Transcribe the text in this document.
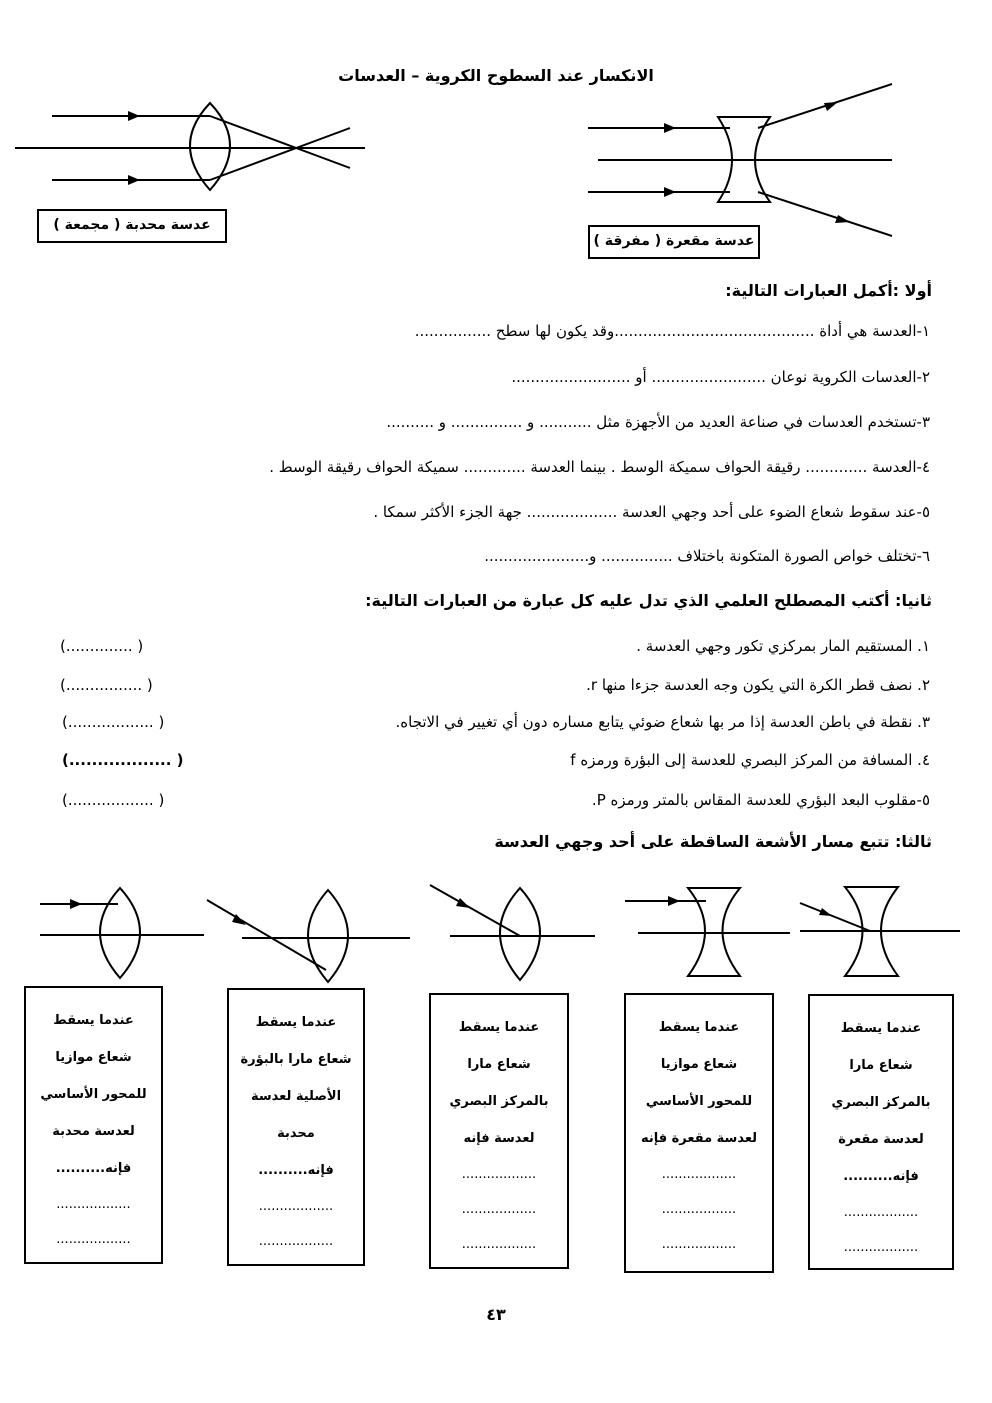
الانكسار عند السطوح الكروية – العدسات
عدسة محدبة ( مجمعة )
عدسة مقعرة ( مفرقة )
أولا :أكمل العبارات التالية:
١-العدسة هي أداة ..........................................وقد يكون لها سطح ................
٢-العدسات الكروية نوعان ........................ أو .........................
٣-تستخدم العدسات في صناعة العديد من الأجهزة مثل ........... و ............... و ..........
٤-العدسة ............. رقيقة الحواف سميكة الوسط . بينما العدسة ............. سميكة الحواف رقيقة الوسط .
٥-عند سقوط شعاع الضوء على أحد وجهي العدسة ................... جهة الجزء الأكثر سمكا .
٦-تختلف خواص الصورة المتكونة باختلاف ............... و......................
ثانيا: أكتب المصطلح العلمي الذي تدل عليه كل عبارة من العبارات التالية:
١. المستقيم المار بمركزي تكور وجهي العدسة .
(.............. )
٢. نصف قطر الكرة التي يكون وجه العدسة جزءا منها r.
(................ )
٣. نقطة في باطن العدسة إذا مر بها شعاع ضوئي يتابع مساره دون أي تغيير في الاتجاه.
(.................. )
٤. المسافة من المركز البصري للعدسة إلى البؤرة ورمزه f
(.................. )
٥-مقلوب البعد البؤري للعدسة المقاس بالمتر ورمزه P.
(.................. )
ثالثا: تتبع مسار الأشعة الساقطة على أحد وجهي العدسة
عندما يسقط
شعاع مارا
بالمركز البصري
لعدسة مقعرة
فإنه..........
..................
..................
عندما يسقط
شعاع موازيا
للمحور الأساسي
لعدسة مقعرة فإنه
..................
..................
..................
عندما يسقط
شعاع مارا
بالمركز البصري
لعدسة فإنه
..................
..................
..................
عندما يسقط
شعاع مارا بالبؤرة
الأصلية لعدسة
محدبة
فإنه..........
..................
..................
عندما يسقط
شعاع موازيا
للمحور الأساسي
لعدسة محدبة
فإنه..........
..................
..................
٤٣
